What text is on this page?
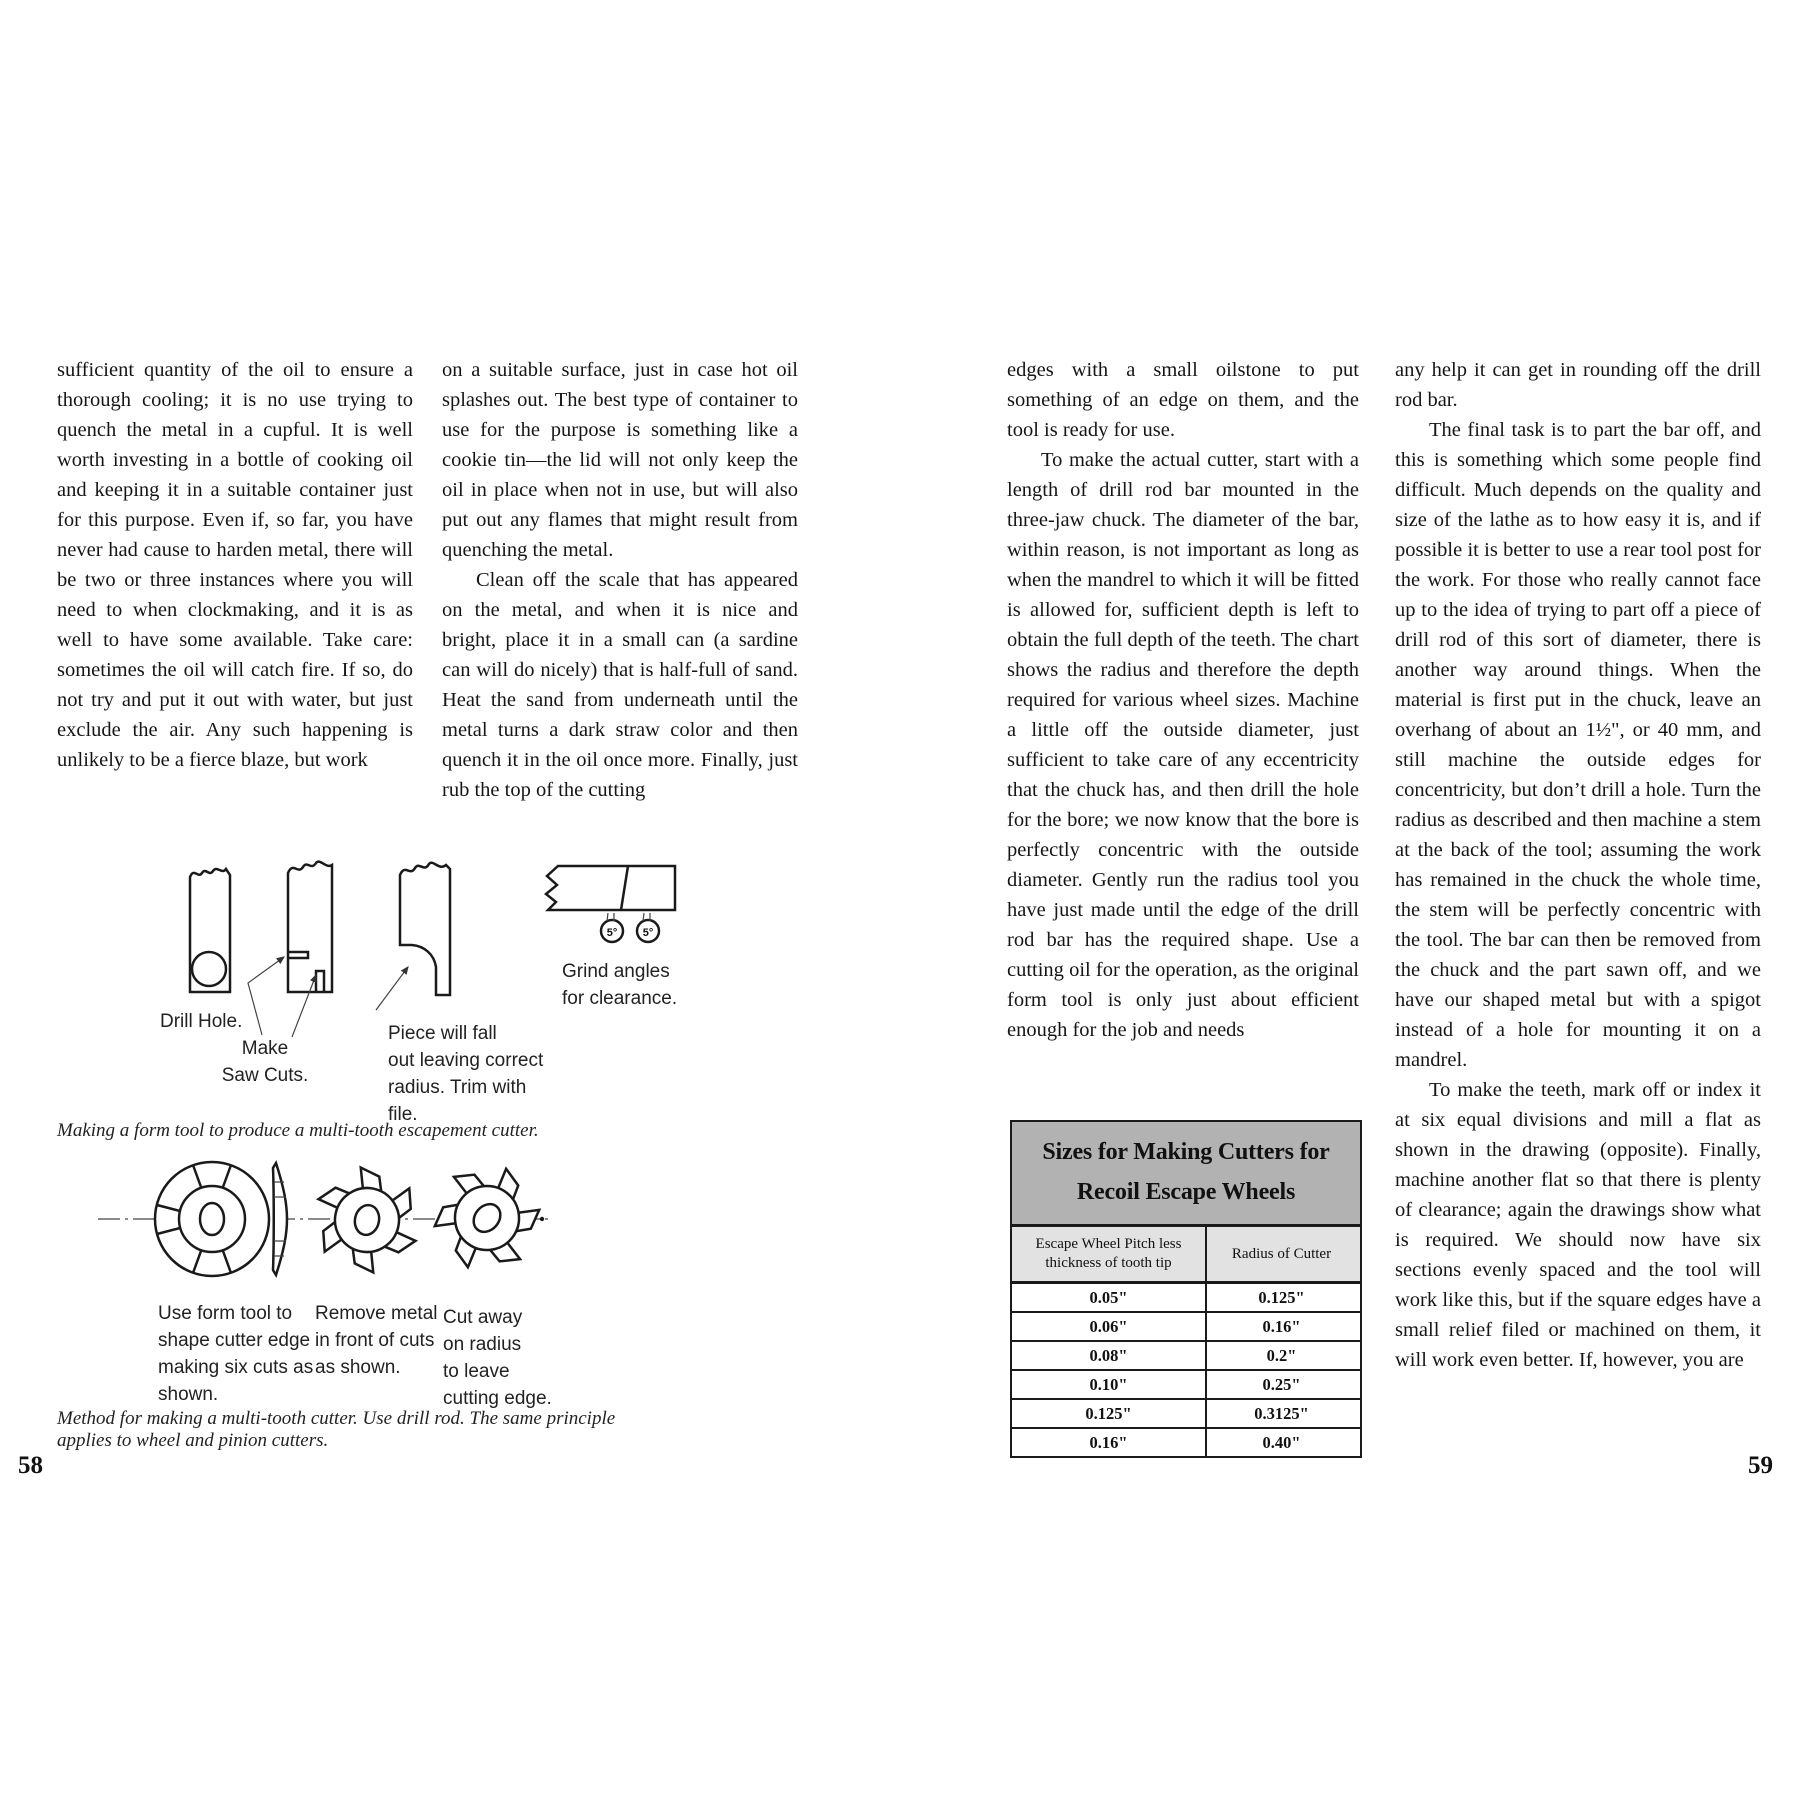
sufficient quantity of the oil to ensure a thorough cooling; it is no use trying to quench the metal in a cupful. It is well worth investing in a bottle of cooking oil and keeping it in a suitable container just for this purpose. Even if, so far, you have never had cause to harden metal, there will be two or three instances where you will need to when clockmaking, and it is as well to have some available. Take care: sometimes the oil will catch fire. If so, do not try and put it out with water, but just exclude the air. Any such happening is unlikely to be a fierce blaze, but work

on a suitable surface, just in case hot oil splashes out. The best type of container to use for the purpose is something like a cookie tin—the lid will not only keep the oil in place when not in use, but will also put out any flames that might result from quenching the metal.

Clean off the scale that has appeared on the metal, and when it is nice and bright, place it in a small can (a sardine can will do nicely) that is half-full of sand. Heat the sand from underneath until the metal turns a dark straw color and then quench it in the oil once more. Finally, just rub the top of the cutting

5° 5°
Drill Hole.
Make
Saw Cuts.
Piece will fall
out leaving correct
radius. Trim with
file.
Grind angles
for clearance.
Making a form tool to produce a multi-tooth escapement cutter.
Use form tool to
shape cutter edge
making six cuts as
shown.
Remove metal
in front of cuts
as shown.
Cut away
on radius
to leave
cutting edge.
Method for making a multi-tooth cutter. Use drill rod. The same principle applies to wheel and pinion cutters.
58

edges with a small oilstone to put something of an edge on them, and the tool is ready for use.

To make the actual cutter, start with a length of drill rod bar mounted in the three-jaw chuck. The diameter of the bar, within reason, is not important as long as when the mandrel to which it will be fitted is allowed for, sufficient depth is left to obtain the full depth of the teeth. The chart shows the radius and therefore the depth required for various wheel sizes. Machine a little off the outside diameter, just sufficient to take care of any eccentricity that the chuck has, and then drill the hole for the bore; we now know that the bore is perfectly concentric with the outside diameter. Gently run the radius tool you have just made until the edge of the drill rod bar has the required shape. Use a cutting oil for the operation, as the original form tool is only just about efficient enough for the job and needs

any help it can get in rounding off the drill rod bar.

The final task is to part the bar off, and this is something which some people find difficult. Much depends on the quality and size of the lathe as to how easy it is, and if possible it is better to use a rear tool post for the work. For those who really cannot face up to the idea of trying to part off a piece of drill rod of this sort of diameter, there is another way around things. When the material is first put in the chuck, leave an overhang of about an 1½", or 40 mm, and still machine the outside edges for concentricity, but don’t drill a hole. Turn the radius as described and then machine a stem at the back of the tool; assuming the work has remained in the chuck the whole time, the stem will be perfectly concentric with the tool. The bar can then be removed from the chuck and the part sawn off, and we have our shaped metal but with a spigot instead of a hole for mounting it on a mandrel.

To make the teeth, mark off or index it at six equal divisions and mill a flat as shown in the drawing (opposite). Finally, machine another flat so that there is plenty of clearance; again the drawings show what is required. We should now have six sections evenly spaced and the tool will work like this, but if the square edges have a small relief filed or machined on them, it will work even better. If, however, you are

Sizes for Making Cutters for
Recoil Escape Wheels
Escape Wheel Pitch less thickness of tooth tip
Radius of Cutter
0.05"	0.125"
0.06"	0.16"
0.08"	0.2"
0.10"	0.25"
0.125"	0.3125"
0.16"	0.40"
59
